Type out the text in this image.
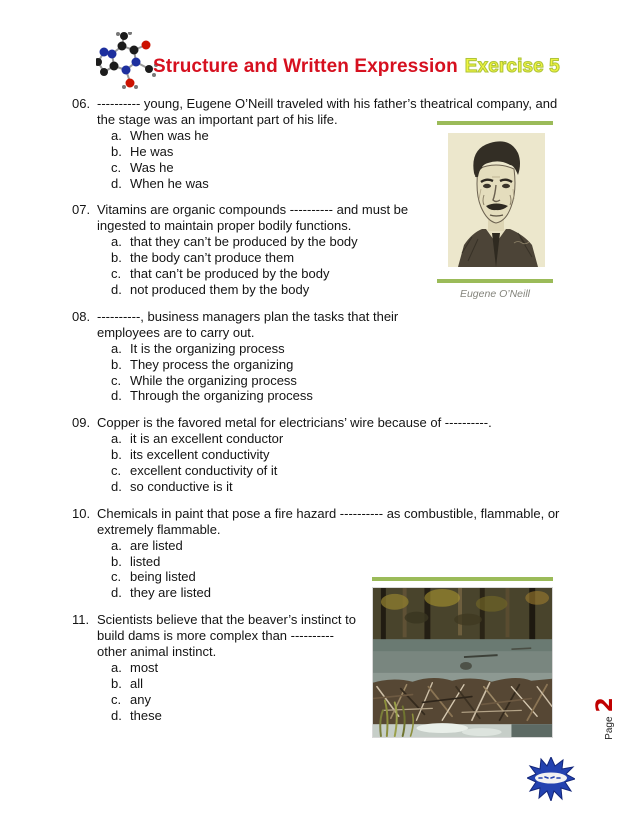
Structure and Written Expression Exercise 5
06. ---------- young, Eugene O’Neill traveled with his father’s theatrical company, and
the stage was an important part of his life.
a. When was he
b. He was
c. Was he
d. When he was
07. Vitamins are organic compounds ---------- and must be
ingested to maintain proper bodily functions.
a. that they can’t be produced by the body
b. the body can’t produce them
c. that can’t be produced by the body
d. not produced them by the body
08. ----------, business managers plan the tasks that their
employees are to carry out.
a. It is the organizing process
b. They process the organizing
c. While the organizing process
d. Through the organizing process
09. Copper is the favored metal for electricians’ wire because of ----------.
a. it is an excellent conductor
b. its excellent conductivity
c. excellent conductivity of it
d. so conductive is it
10. Chemicals in paint that pose a fire hazard ---------- as combustible, flammable, or
extremely flammable.
a. are listed
b. listed
c. being listed
d. they are listed
11. Scientists believe that the beaver’s instinct to
build dams is more complex than ----------
other animal instinct.
a. most
b. all
c. any
d. these
Eugene O’Neill
Page
2
